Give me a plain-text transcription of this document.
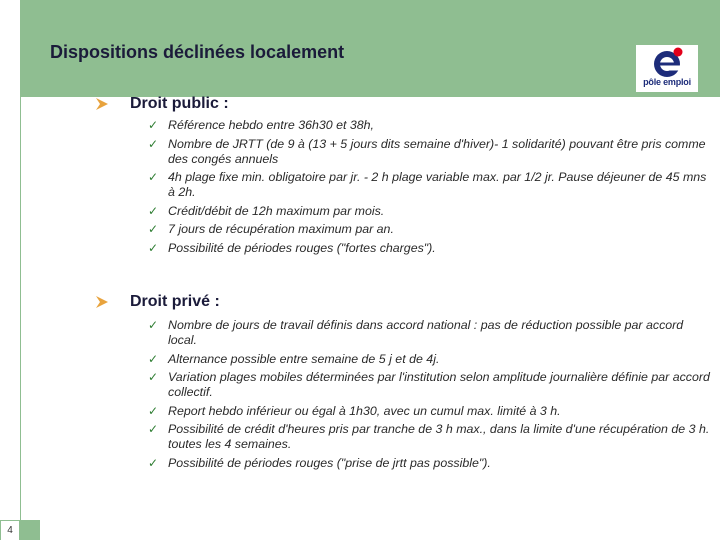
Dispositions déclinées localement
pôle emploi
4
Droit public :
✓ Référence hebdo entre 36h30 et 38h,
✓ Nombre de JRTT (de 9 à (13 + 5 jours dits semaine d'hiver)- 1 solidarité) pouvant être pris comme des congés annuels
✓ 4h plage fixe min. obligatoire par jr. - 2 h plage variable max. par 1/2 jr. Pause déjeuner de 45 mns à 2h.
✓ Crédit/débit de 12h maximum par mois.
✓ 7 jours de récupération maximum par an.
✓ Possibilité de périodes rouges ("fortes charges").
Droit privé :
✓ Nombre de jours de travail définis dans accord national : pas de réduction possible par accord local.
✓ Alternance possible entre semaine de 5 j et de 4j.
✓ Variation plages mobiles déterminées par l'institution selon amplitude journalière définie par accord collectif.
✓ Report hebdo inférieur ou égal à 1h30, avec un cumul max. limité à 3 h.
✓ Possibilité de crédit d'heures pris par tranche de 3 h max., dans la limite d'une récupération de 3 h. toutes les 4 semaines.
✓ Possibilité de périodes rouges ("prise de jrtt pas possible").
